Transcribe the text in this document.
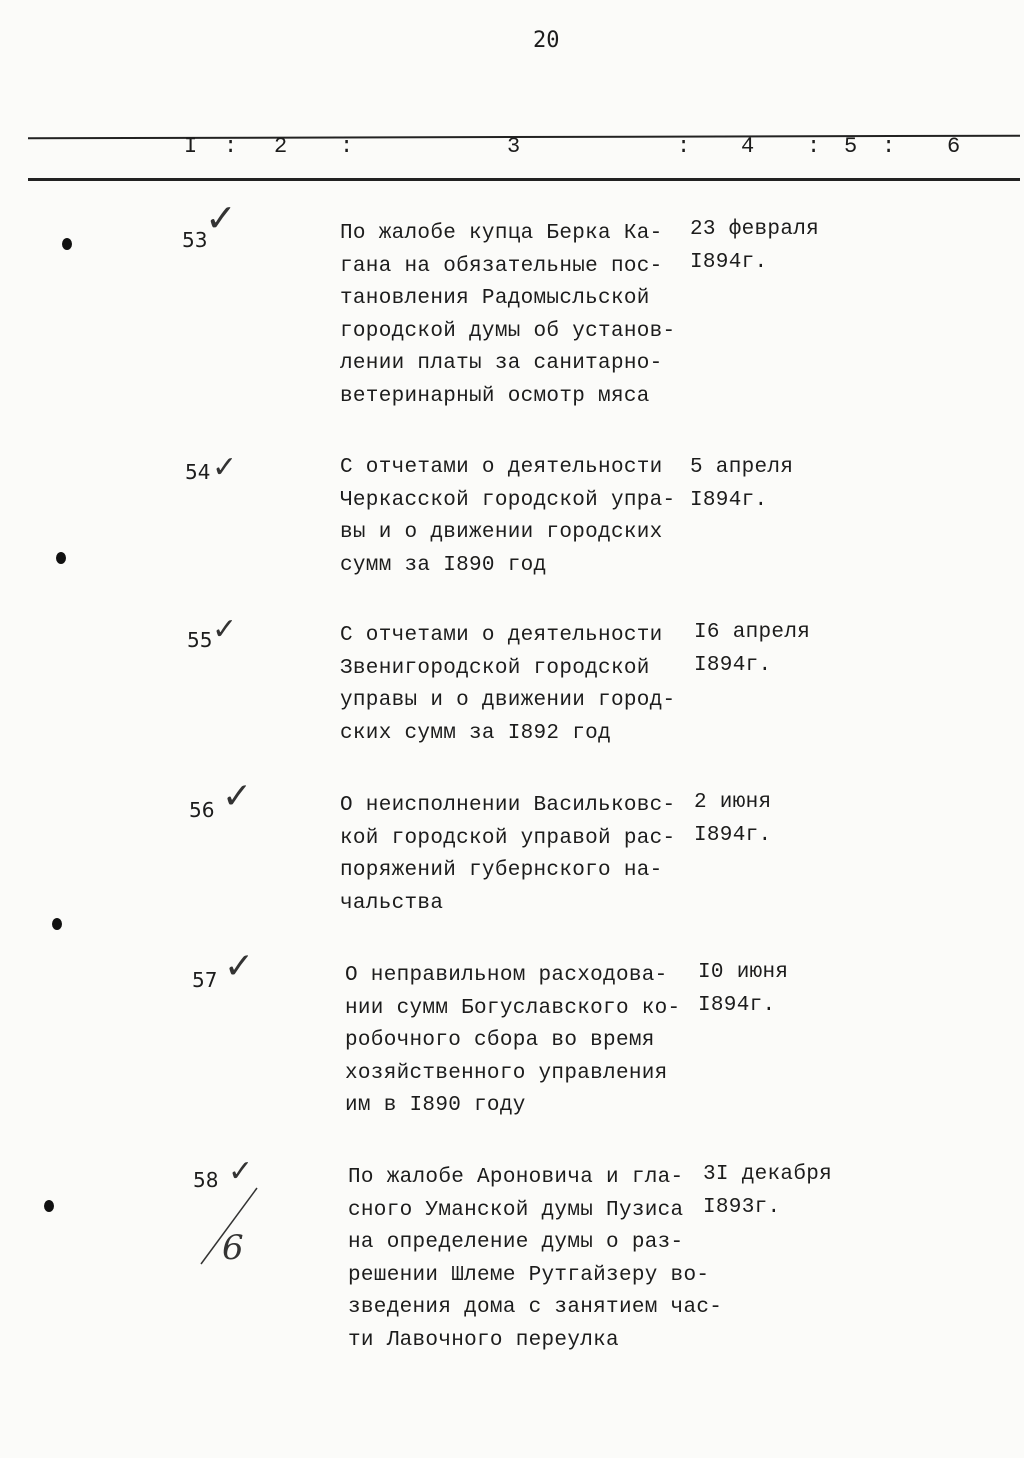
20
I : 2 :	3	: 4 : 5 : 6
53
✓	По жалобе купца Берка Ка-
гана на обязательные пос-
тановления Радомысльской
городской думы об установ-
лении платы за санитарно-
ветеринарный осмотр мяса
23 февраля
I894г.
54 ✓	С отчетами о деятельности
Черкасской городской упра-
вы и о движении городских
сумм за I890 год
5 апреля
I894г.
55 ✓	С отчетами о деятельности
Звенигородской городской
управы и о движении город-
ских сумм за I892 год
I6 апреля
I894г.
56 ✓	О неисполнении Васильковс-
кой городской управой рас-
поряжений губернского на-
чальства
2 июня
I894г.
57 ✓	О неправильном расходова-
нии сумм Богуславского ко-
робочного сбора во время
хозяйственного управления
им в I890 году
I0 июня
I894г.
58 ✓
6
По жалобе Ароновича и гла-
сного Уманской думы Пузиса
на определение думы о раз-
решении Шлеме Рутгайзеру во-
зведения дома с занятием час-
ти Лавочного переулка
3I декабря
I893г.
